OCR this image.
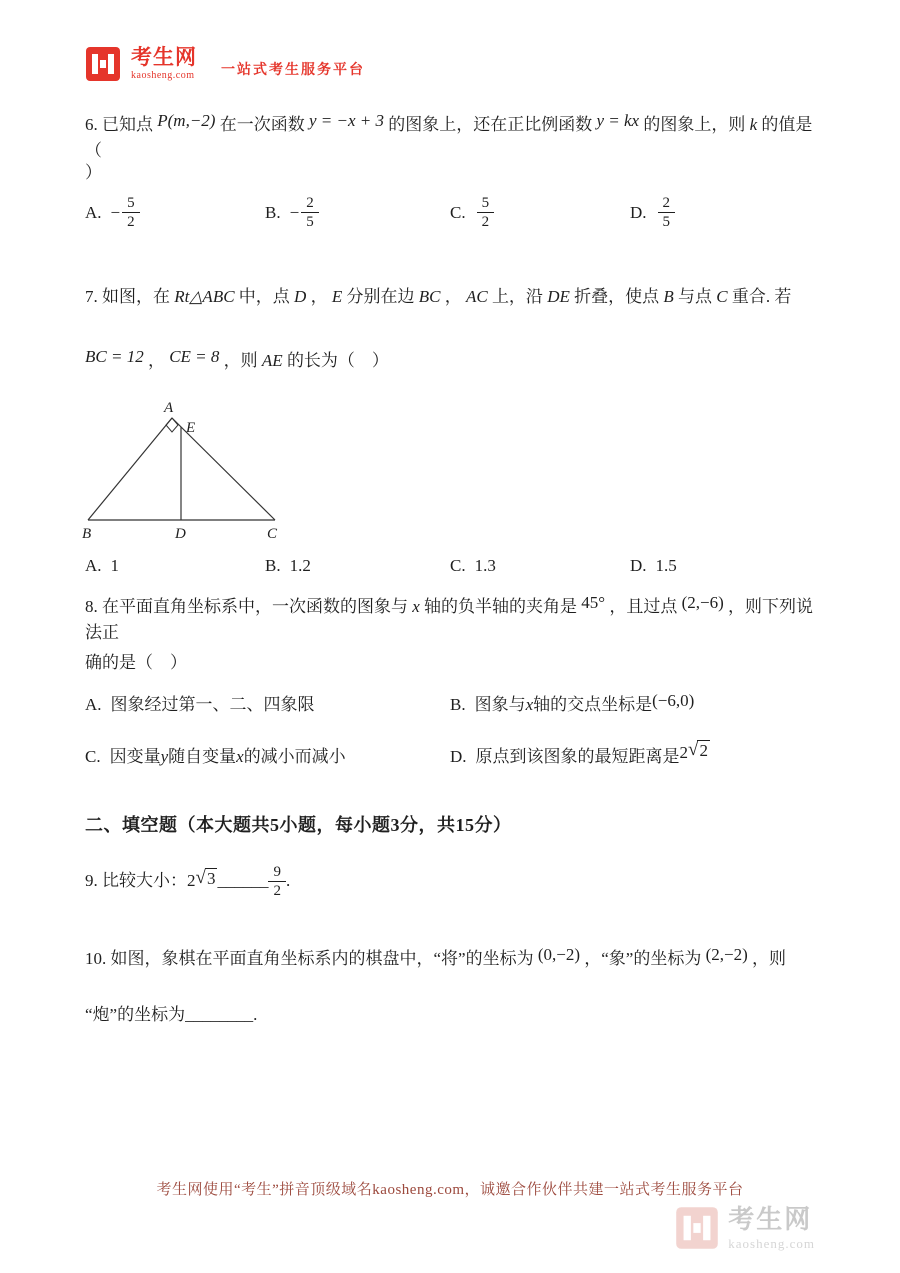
考生网
kaosheng.com 一站式考生服务平台
6. 已知点 P(m,−2) 在一次函数 y = −x + 3 的图象上，还在正比例函数 y = kx 的图象上，则 k 的值是（
）
A. − $\frac{5}{2}$	B. − $\frac{2}{5}$	C. $\frac{5}{2}$	D. $\frac{2}{5}$
7. 如图，在 Rt△ABC 中，点 D ， E 分别在边 BC ， AC 上，沿 DE 折叠，使点 B 与点 C 重合. 若
BC = 12 ， CE = 8 ，则 AE 的长为（　）
A
E
B	D	C
A. 1	B. 1.2	C. 1.3	D. 1.5
8. 在平面直角坐标系中，一次函数的图象与 x 轴的负半轴的夹角是 45° ，且过点 (2,−6) ，则下列说法正
确的是（　）
A. 图象经过第一、二、四象限	B. 图象与 x 轴的交点坐标是 (−6,0)
C. 因变量 y 随自变量 x 的减小而减小	D. 原点到该图象的最短距离是 2 √ 2
二、填空题（本大题共5小题，每小题3分，共15分）
9. 比较大小： 2 √ 3 ______ $\frac{9}{2}$ .
10. 如图，象棋在平面直角坐标系内的棋盘中，“将”的坐标为 (0,−2) ，“象”的坐标为 (2,−2) ，则
“炮”的坐标为________.
考生网使用“考生”拼音顶级域名kaosheng.com，诚邀合作伙伴共建一站式考生服务平台
考生网
kaosheng.com
